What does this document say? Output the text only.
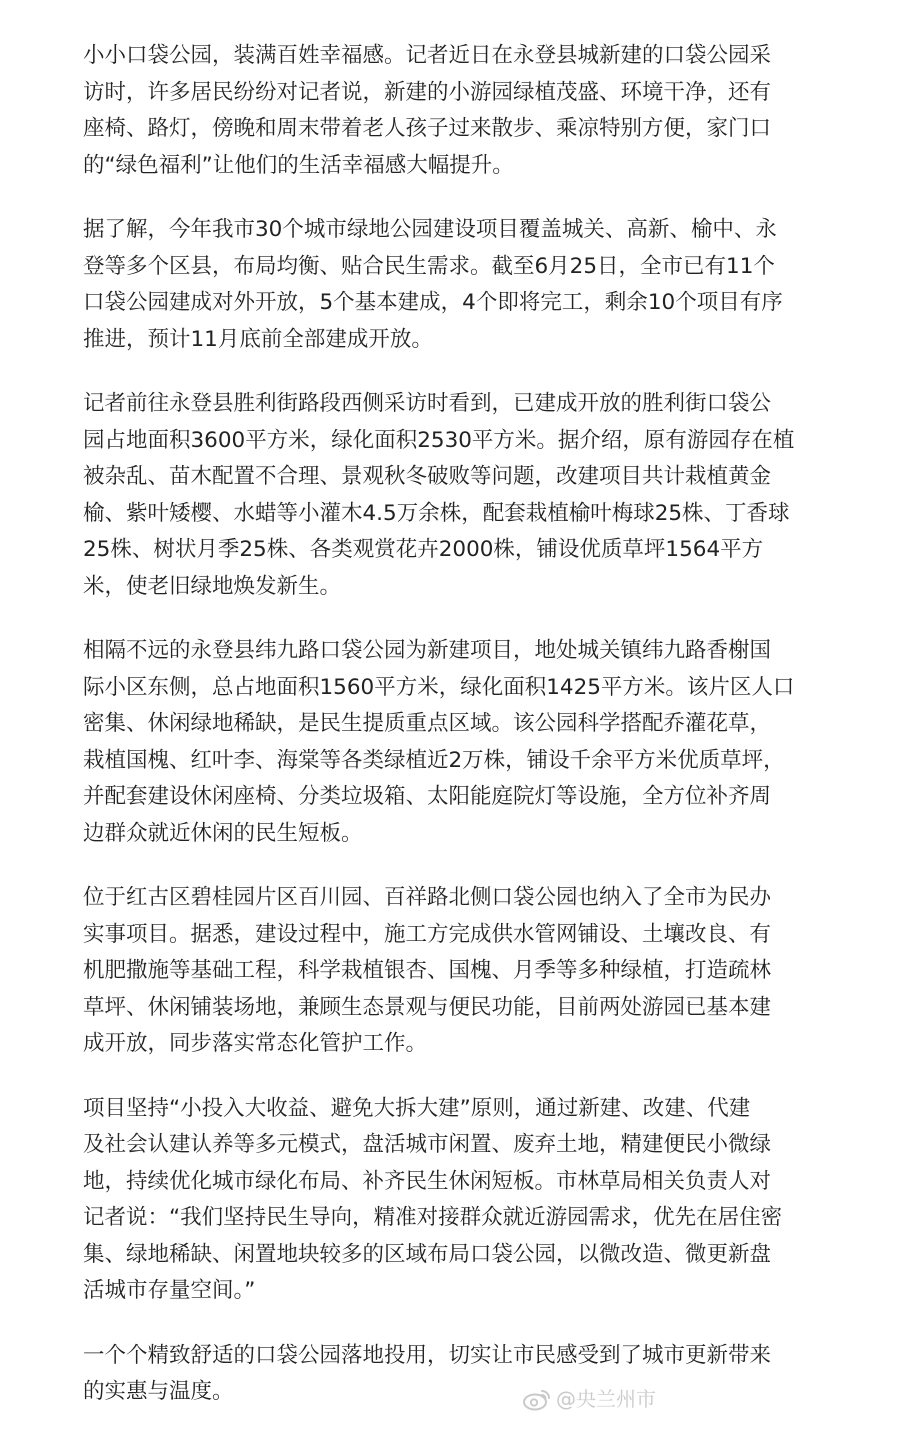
小小口袋公园，装满百姓幸福感。记者近日在永登县城新建的口袋公园采
访时，许多居民纷纷对记者说，新建的小游园绿植茂盛、环境干净，还有
座椅、路灯，傍晚和周末带着老人孩子过来散步、乘凉特别方便，家门口
的“绿色福利”让他们的生活幸福感大幅提升。

据了解，今年我市30个城市绿地公园建设项目覆盖城关、高新、榆中、永
登等多个区县，布局均衡、贴合民生需求。截至6月25日，全市已有11个
口袋公园建成对外开放，5个基本建成，4个即将完工，剩余10个项目有序
推进，预计11月底前全部建成开放。

记者前往永登县胜利街路段西侧采访时看到，已建成开放的胜利街口袋公
园占地面积3600平方米，绿化面积2530平方米。据介绍，原有游园存在植
被杂乱、苗木配置不合理、景观秋冬破败等问题，改建项目共计栽植黄金
榆、紫叶矮樱、水蜡等小灌木4.5万余株，配套栽植榆叶梅球25株、丁香球
25株、树状月季25株、各类观赏花卉2000株，铺设优质草坪1564平方
米，使老旧绿地焕发新生。

相隔不远的永登县纬九路口袋公园为新建项目，地处城关镇纬九路香榭国
际小区东侧，总占地面积1560平方米，绿化面积1425平方米。该片区人口
密集、休闲绿地稀缺，是民生提质重点区域。该公园科学搭配乔灌花草，
栽植国槐、红叶李、海棠等各类绿植近2万株，铺设千余平方米优质草坪，
并配套建设休闲座椅、分类垃圾箱、太阳能庭院灯等设施，全方位补齐周
边群众就近休闲的民生短板。

位于红古区碧桂园片区百川园、百祥路北侧口袋公园也纳入了全市为民办
实事项目。据悉，建设过程中，施工方完成供水管网铺设、土壤改良、有
机肥撒施等基础工程，科学栽植银杏、国槐、月季等多种绿植，打造疏林
草坪、休闲铺装场地，兼顾生态景观与便民功能，目前两处游园已基本建
成开放，同步落实常态化管护工作。

项目坚持“小投入大收益、避免大拆大建”原则，通过新建、改建、代建
及社会认建认养等多元模式，盘活城市闲置、废弃土地，精建便民小微绿
地，持续优化城市绿化布局、补齐民生休闲短板。市林草局相关负责人对
记者说：“我们坚持民生导向，精准对接群众就近游园需求，优先在居住密
集、绿地稀缺、闲置地块较多的区域布局口袋公园，以微改造、微更新盘
活城市存量空间。”

一个个精致舒适的口袋公园落地投用，切实让市民感受到了城市更新带来
的实惠与温度。	@央兰州市
